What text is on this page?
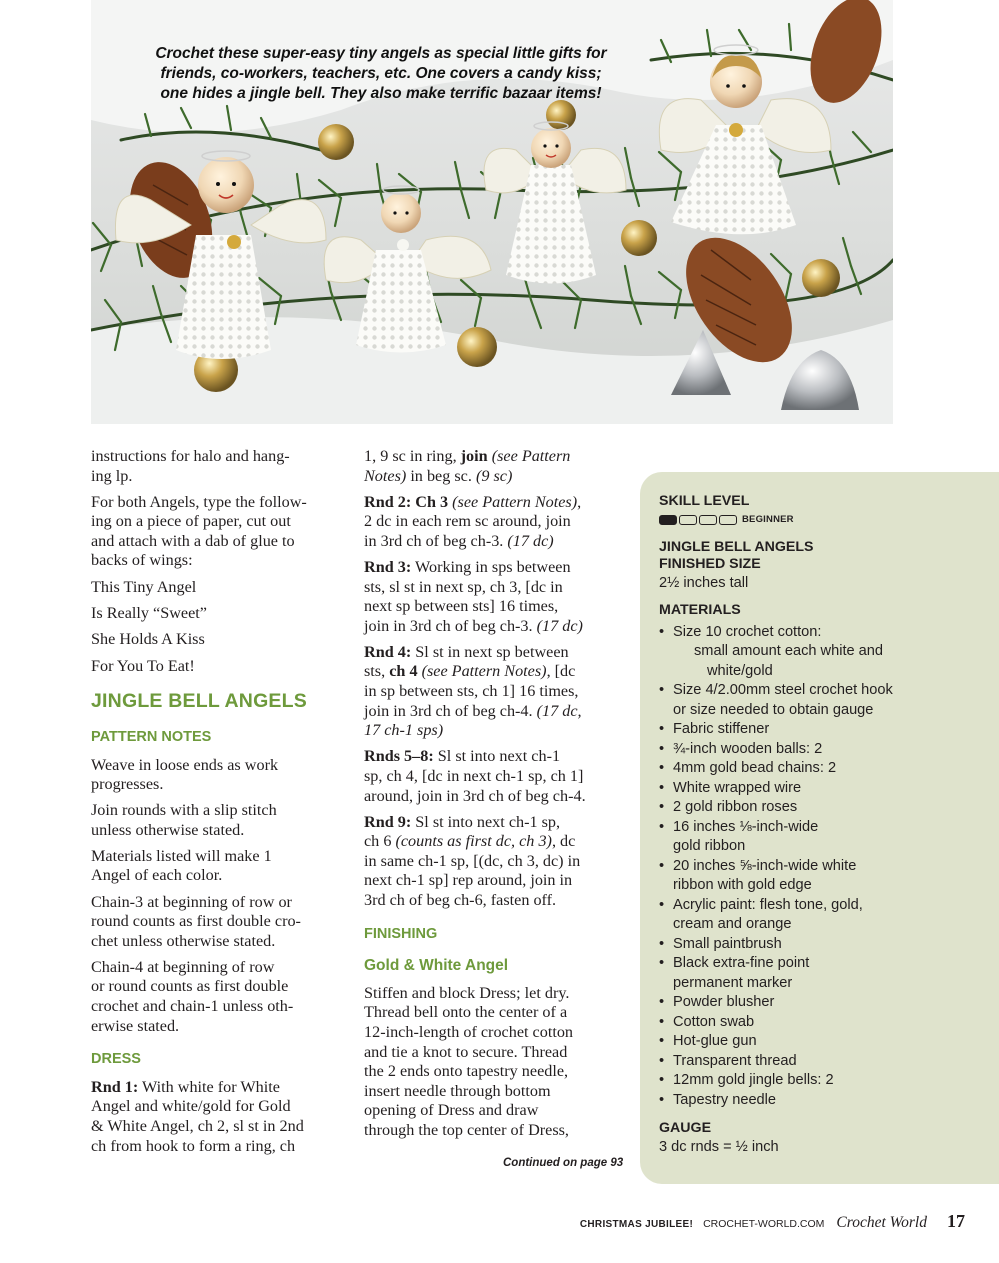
Crochet these super-easy tiny angels as special little gifts for
friends, co-workers, teachers, etc. One covers a candy kiss;
one hides a jingle bell. They also make terrific bazaar items!

instructions for halo and hang-
ing lp.

For both Angels, type the follow-
ing on a piece of paper, cut out
and attach with a dab of glue to
backs of wings:

This Tiny Angel

Is Really “Sweet”

She Holds A Kiss

For You To Eat!

JINGLE BELL ANGELS
PATTERN NOTES

Weave in loose ends as work
progresses.

Join rounds with a slip stitch
unless otherwise stated.

Materials listed will make 1
Angel of each color.

Chain-3 at beginning of row or
round counts as first double cro-
chet unless otherwise stated.

Chain-4 at beginning of row
or round counts as first double
crochet and chain-1 unless oth-
erwise stated.

DRESS

Rnd 1: With white for White
Angel and white/gold for Gold
& White Angel, ch 2, sl st in 2nd
ch from hook to form a ring, ch

1, 9 sc in ring, join (see Pattern
Notes) in beg sc. (9 sc)

Rnd 2: Ch 3 (see Pattern Notes),
2 dc in each rem sc around, join
in 3rd ch of beg ch-3. (17 dc)

Rnd 3: Working in sps between
sts, sl st in next sp, ch 3, [dc in
next sp between sts] 16 times,
join in 3rd ch of beg ch-3. (17 dc)

Rnd 4: Sl st in next sp between
sts, ch 4 (see Pattern Notes), [dc
in sp between sts, ch 1] 16 times,
join in 3rd ch of beg ch-4. (17 dc,
17 ch-1 sps)

Rnds 5–8: Sl st into next ch-1
sp, ch 4, [dc in next ch-1 sp, ch 1]
around, join in 3rd ch of beg ch-4.

Rnd 9: Sl st into next ch-1 sp,
ch 6 (counts as first dc, ch 3), dc
in same ch-1 sp, [(dc, ch 3, dc) in
next ch-1 sp] rep around, join in
3rd ch of beg ch-6, fasten off.

FINISHING
Gold & White Angel

Stiffen and block Dress; let dry.
Thread bell onto the center of a
12-inch-length of crochet cotton
and tie a knot to secure. Thread
the 2 ends onto tapestry needle,
insert needle through bottom
opening of Dress and draw
through the top center of Dress,

Continued on page 93
SKILL LEVEL
BEGINNER
JINGLE BELL ANGELS
FINISHED SIZE
2½ inches tall
MATERIALS
• Size 10 crochet cotton:
small amount each white and
white/gold
• Size 4/2.00mm steel crochet hook
or size needed to obtain gauge
• Fabric stiffener
• ¾-inch wooden balls: 2
• 4mm gold bead chains: 2
• White wrapped wire
• 2 gold ribbon roses
• 16 inches ⅛-inch-wide
gold ribbon
• 20 inches ⅝-inch-wide white
ribbon with gold edge
• Acrylic paint: flesh tone, gold,
cream and orange
• Small paintbrush
• Black extra-fine point
permanent marker
• Powder blusher
• Cotton swab
• Hot-glue gun
• Transparent thread
• 12mm gold jingle bells: 2
• Tapestry needle
GAUGE
3 dc rnds = ½ inch
CHRISTMAS JUBILEE! CROCHET-WORLD.COM Crochet World 17
